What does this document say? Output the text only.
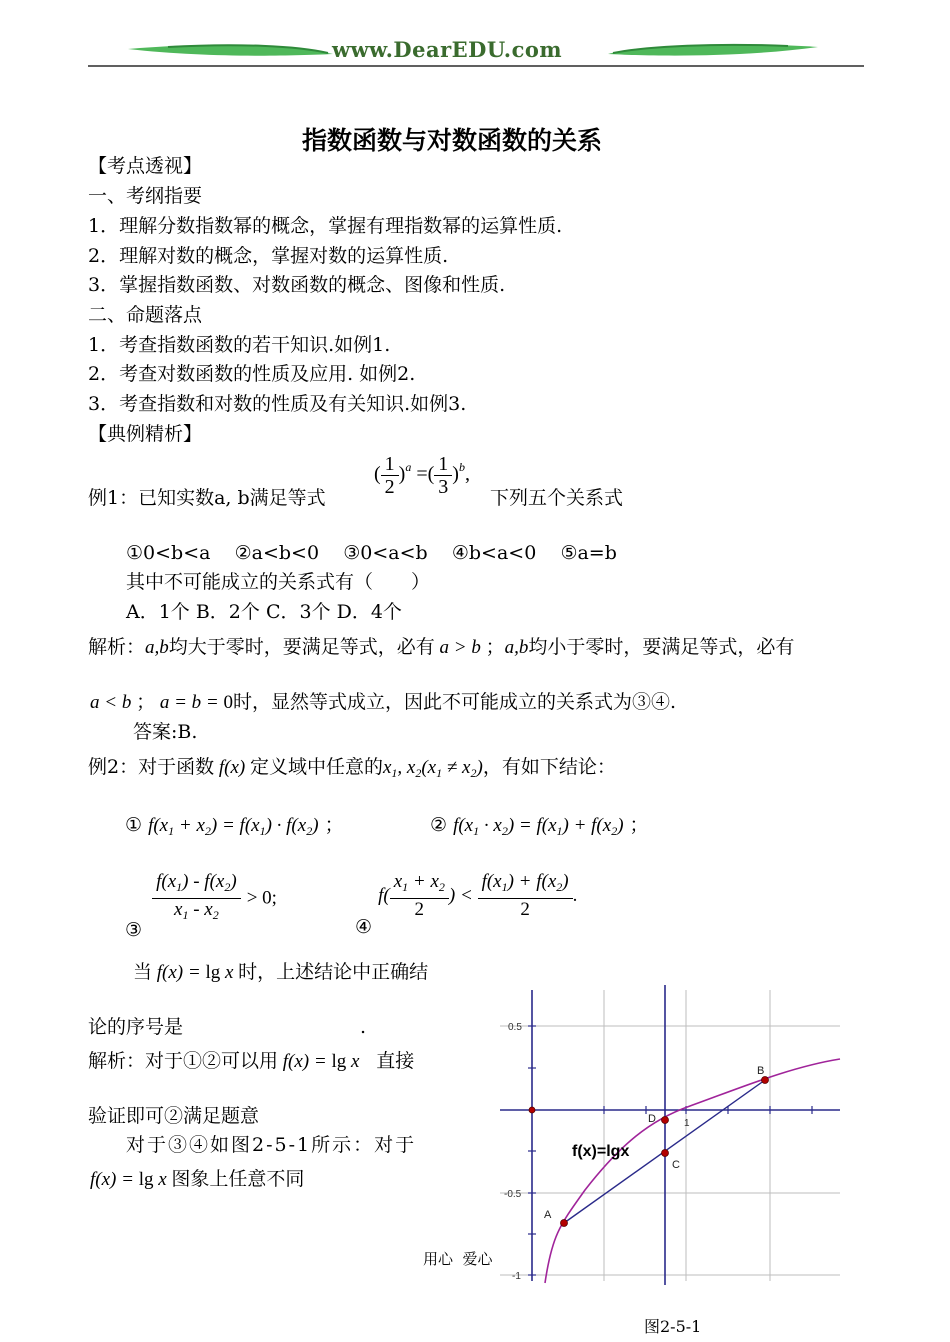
www.DearEDU.com
指数函数与对数函数的关系
【考点透视】
一、考纲指要
1．理解分数指数幂的概念，掌握有理指数幂的运算性质.
2．理解对数的概念，掌握对数的运算性质.
3．掌握指数函数、对数函数的概念、图像和性质.
二、命题落点
1．考查指数函数的若干知识.如例1.
2．考查对数函数的性质及应用. 如例2.
3．考查指数和对数的性质及有关知识.如例3.
【典例精析】
例1：已知实数a, b满足等式
( $\frac{1}{2} )^a$ =( $\frac{1}{3} )^b$,
下列五个关系式
①0<b<a    ②a<b<0    ③0<a<b    ④b<a<0    ⑤a=b
其中不可能成立的关系式有（　　）
A．1个 B．2个 C．3个 D．4个
解析：a,b均大于零时，要满足等式，必有 a > b ；a,b均小于零时，要满足等式，必有
a < b ； a = b = 0时，显然等式成立，因此不可能成立的关系式为③④.
答案:B.
例2：对于函数 f(x) 定义域中任意的$x_1$, $x_2(x_1 \ne x_2)$，有如下结论：
① $f(x_1 + x_2) = f(x_1) \cdot f(x_2)$ ；	② $f(x_1 \cdot x_2) = f(x_1) + f(x_2)$ ；
③
$\frac{f(x_1) - f(x_2)}{x_1 - x_2} > 0$;
④ $f( \frac{x_1 + x_2}{2}$ ) < $\frac{f(x_1) + f(x_2)}{2}$ .
当 f(x) = lg x 时，上述结论中正确结
论的序号是	.
解析：对于①②可以用 f(x) = lg x   直接
验证即可②满足题意
对于③④如图2-5-1所示：对于
f(x) = lg x 图象上任意不同
0.5
-0.5
-1
1
A
B
C
D
f(x)=lgx
用心  爱心
图2-5-1
